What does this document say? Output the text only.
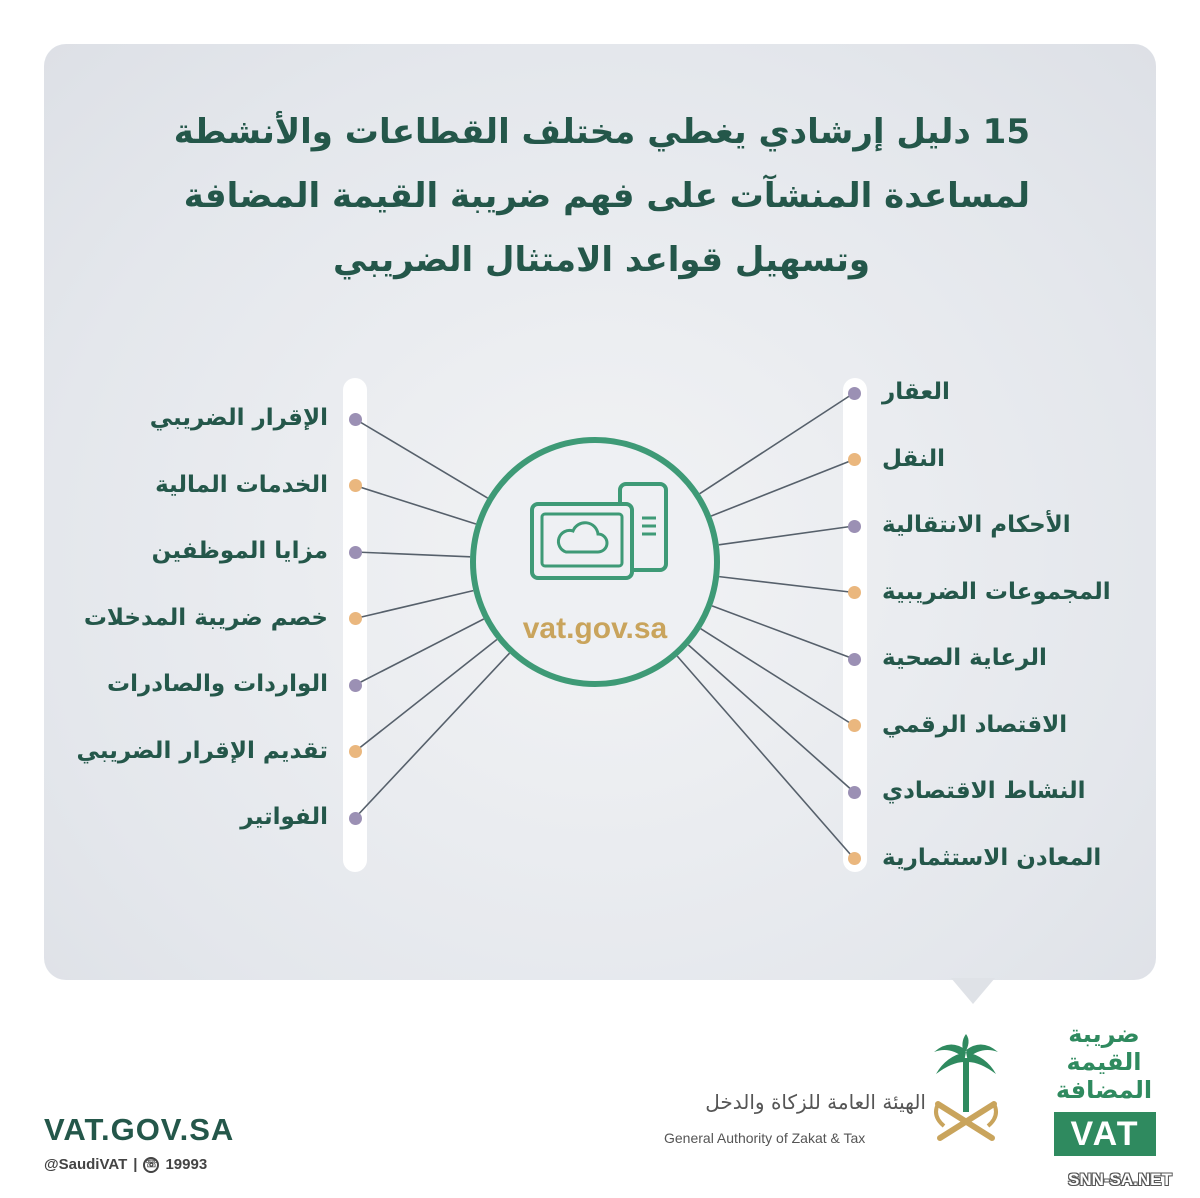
15 دليل إرشادي يغطي مختلف القطاعات والأنشطة
لمساعدة المنشآت على فهم ضريبة القيمة المضافة
وتسهيل قواعد الامتثال الضريبي
vat.gov.sa
العقار
النقل
الأحكام الانتقالية
المجموعات الضريبية
الرعاية الصحية
الاقتصاد الرقمي
النشاط الاقتصادي
المعادن الاستثمارية
الإقرار الضريبي
الخدمات المالية
مزايا الموظفين
خصم ضريبة المدخلات
الواردات والصادرات
تقديم الإقرار الضريبي
الفواتير
VAT.GOV.SA
@SaudiVAT | ☏ 19993
الهيئة العامة للزكاة والدخل
General Authority of Zakat & Tax
ضريبة القيمة المضافة
VAT
SNN-SA.NET
